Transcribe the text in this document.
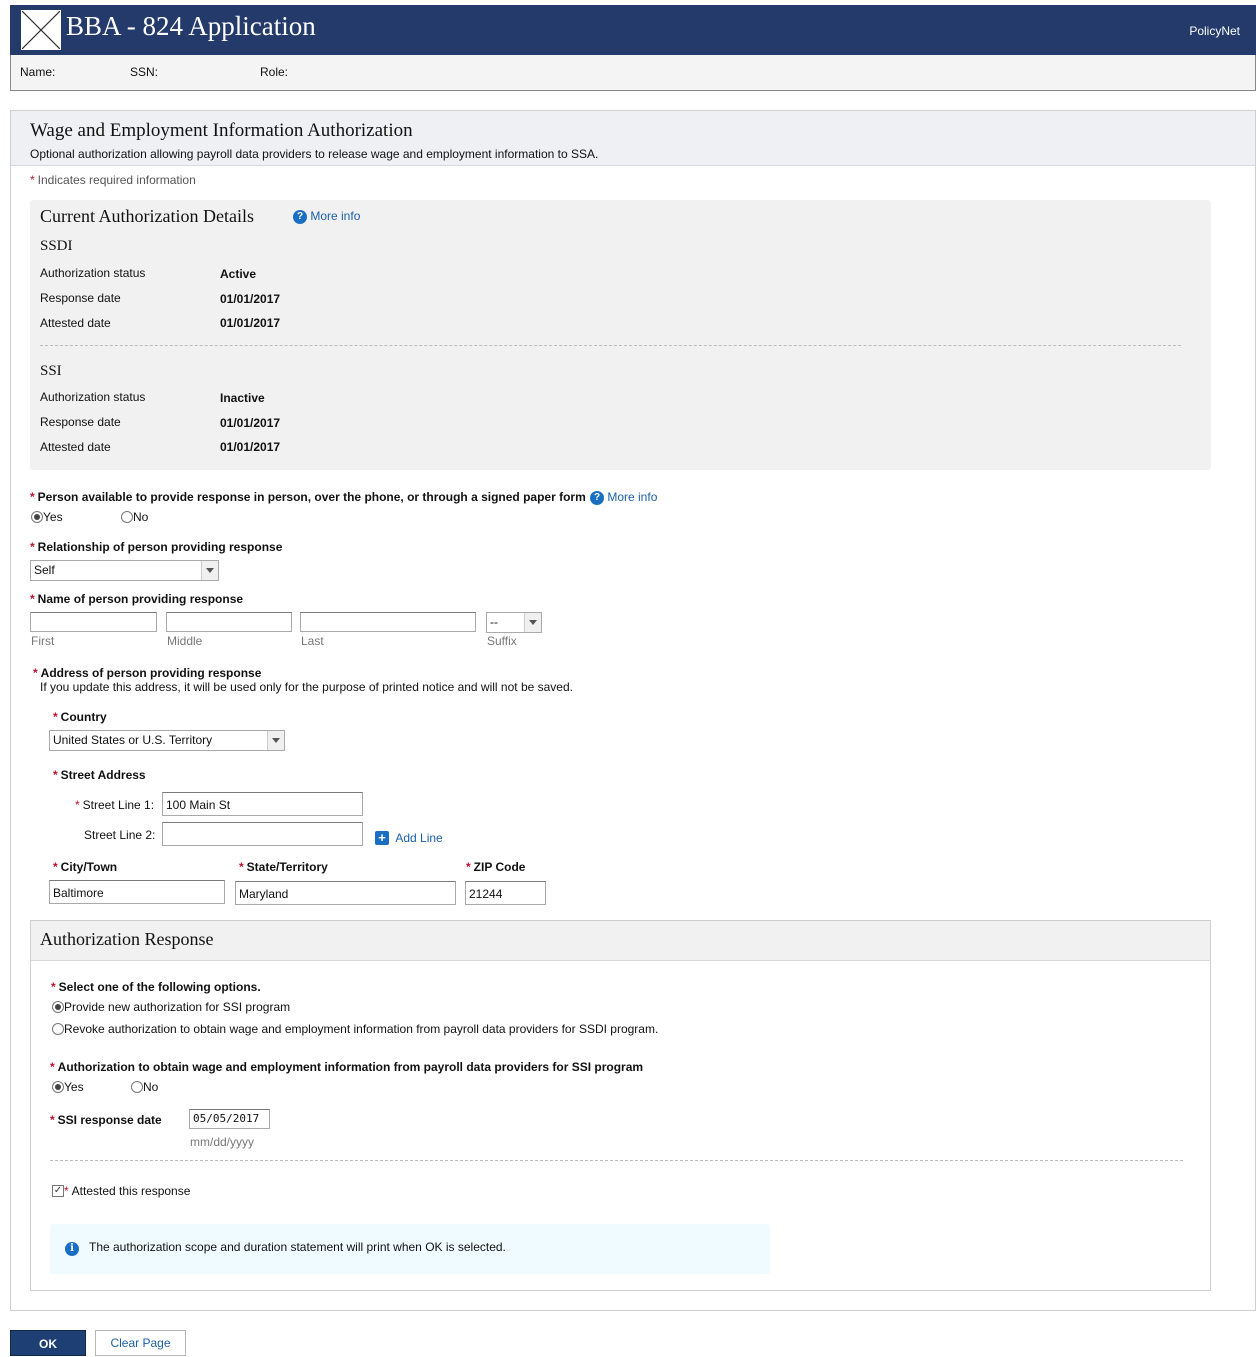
BBA - 824 Application	PolicyNet
Name:	SSN:	Role:
Wage and Employment Information Authorization
Optional authorization allowing payroll data providers to release wage and employment information to SSA.
* Indicates required information
Current Authorization Details	? More info
SSDI
Authorization status	Active
Response date	01/01/2017
Attested date	01/01/2017
SSI
Authorization status	Inactive
Response date	01/01/2017
Attested date	01/01/2017
* Person available to provide response in person, over the phone, or through a signed paper form ? More info
Yes	No
* Relationship of person providing response
Self
* Name of person providing response
--
First	Middle	Last	Suffix
* Address of person providing response
If you update this address, it will be used only for the purpose of printed notice and will not be saved.
* Country
United States or U.S. Territory
* Street Address
* Street Line 1: 100 Main St
Street Line 2:	+ Add Line
* City/Town	* State/Territory	* ZIP Code
Baltimore	Maryland	21244
Authorization Response
* Select one of the following options.
Provide new authorization for SSI program
Revoke authorization to obtain wage and employment information from payroll data providers for SSDI program.
* Authorization to obtain wage and employment information from payroll data providers for SSI program
Yes	No
* SSI response date	05/05/2017
mm/dd/yyyy
✓ * Attested this response
i	The authorization scope and duration statement will print when OK is selected.
OK	Clear Page
